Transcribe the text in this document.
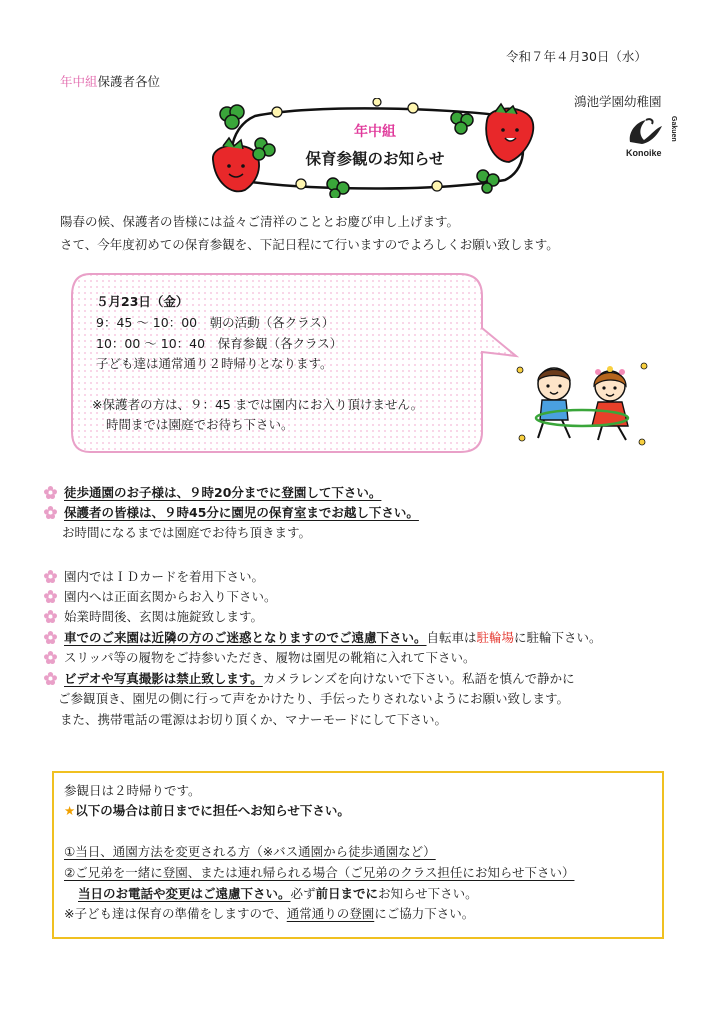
令和７年４月30日（水）
年中組保護者各位
鴻池学園幼稚園
Konoike
Gakuen
年中組
保育参観のお知らせ
陽春の候、保護者の皆様には益々ご清祥のこととお慶び申し上げます。
さて、今年度初めての保育参観を、下記日程にて行いますのでよろしくお願い致します。
５月23日（金）
9：45 〜 10：00　朝の活動（各クラス）
10：00 〜 10：40　保育参観（各クラス）
子ども達は通常通り２時帰りとなります。
※保護者の方は、９：45 までは園内にお入り頂けません。
時間までは園庭でお待ち下さい。
徒歩通園のお子様は、９時20分までに登園して下さい。
保護者の皆様は、９時45分に園児の保育室までお越し下さい。
お時間になるまでは園庭でお待ち頂きます。
園内ではＩＤカードを着用下さい。
園内へは正面玄関からお入り下さい。
始業時間後、玄関は施錠致します。
車でのご来園は近隣の方のご迷惑となりますのでご遠慮下さい。自転車は駐輪場に駐輪下さい。
スリッパ等の履物をご持参いただき、履物は園児の靴箱に入れて下さい。
ビデオや写真撮影は禁止致します。カメラレンズを向けないで下さい。私語を慎んで静かに
ご参観頂き、園児の側に行って声をかけたり、手伝ったりされないようにお願い致します。
また、携帯電話の電源はお切り頂くか、マナーモードにして下さい。
参観日は２時帰りです。
★以下の場合は前日までに担任へお知らせ下さい。
①当日、通園方法を変更される方（※バス通園から徒歩通園など）
②ご兄弟を一緒に登園、または連れ帰られる場合（ご兄弟のクラス担任にお知らせ下さい）
当日のお電話や変更はご遠慮下さい。必ず前日までにお知らせ下さい。
※子ども達は保育の準備をしますので、通常通りの登園にご協力下さい。
